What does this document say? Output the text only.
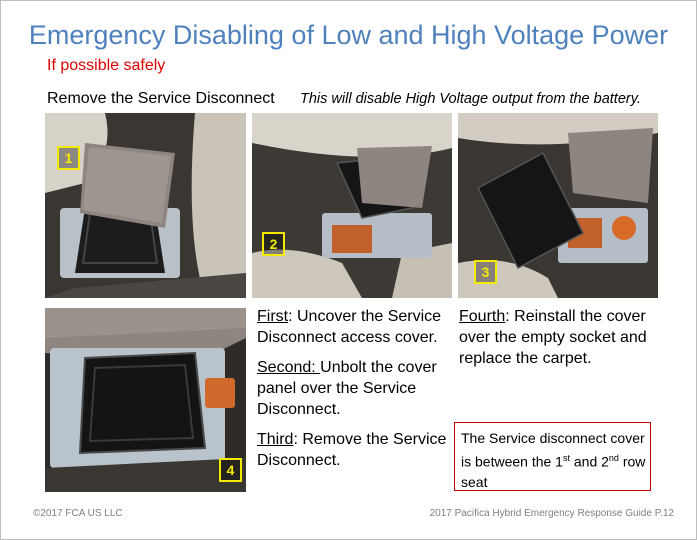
Emergency Disabling of Low and High Voltage Power
If possible safely
Remove the Service Disconnect This will disable High Voltage output from the battery.
1
2
3
4

First: Uncover the Service Disconnect access cover.

Second: Unbolt the cover panel over the Service Disconnect.

Third: Remove the Service Disconnect.

Fourth: Reinstall the cover over the empty socket and replace the carpet.

The Service disconnect cover is between the 1st and 2nd row seat
©2017 FCA US LLC	2017 Pacifica Hybrid Emergency Response Guide P.12
